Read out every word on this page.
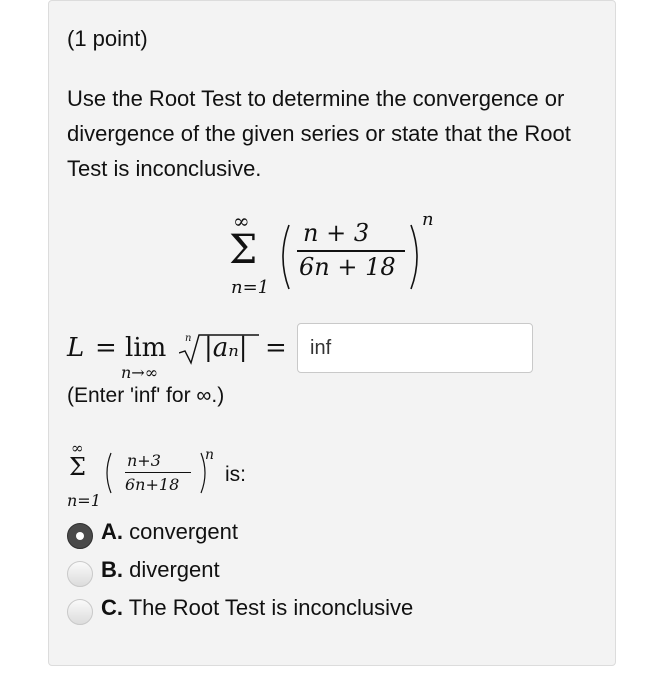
(1 point)
Use the Root Test to determine the convergence or divergence of the given series or state that the Root Test is inconclusive.
∞
Σ
n=1
n + 3
6n + 18
n
L = lim
n→∞
n |aₙ| =
inf
(Enter 'inf' for ∞.)
∞
Σ
n=1
n+3
6n+18
n
is:
A. convergent
B. divergent
C. The Root Test is inconclusive
